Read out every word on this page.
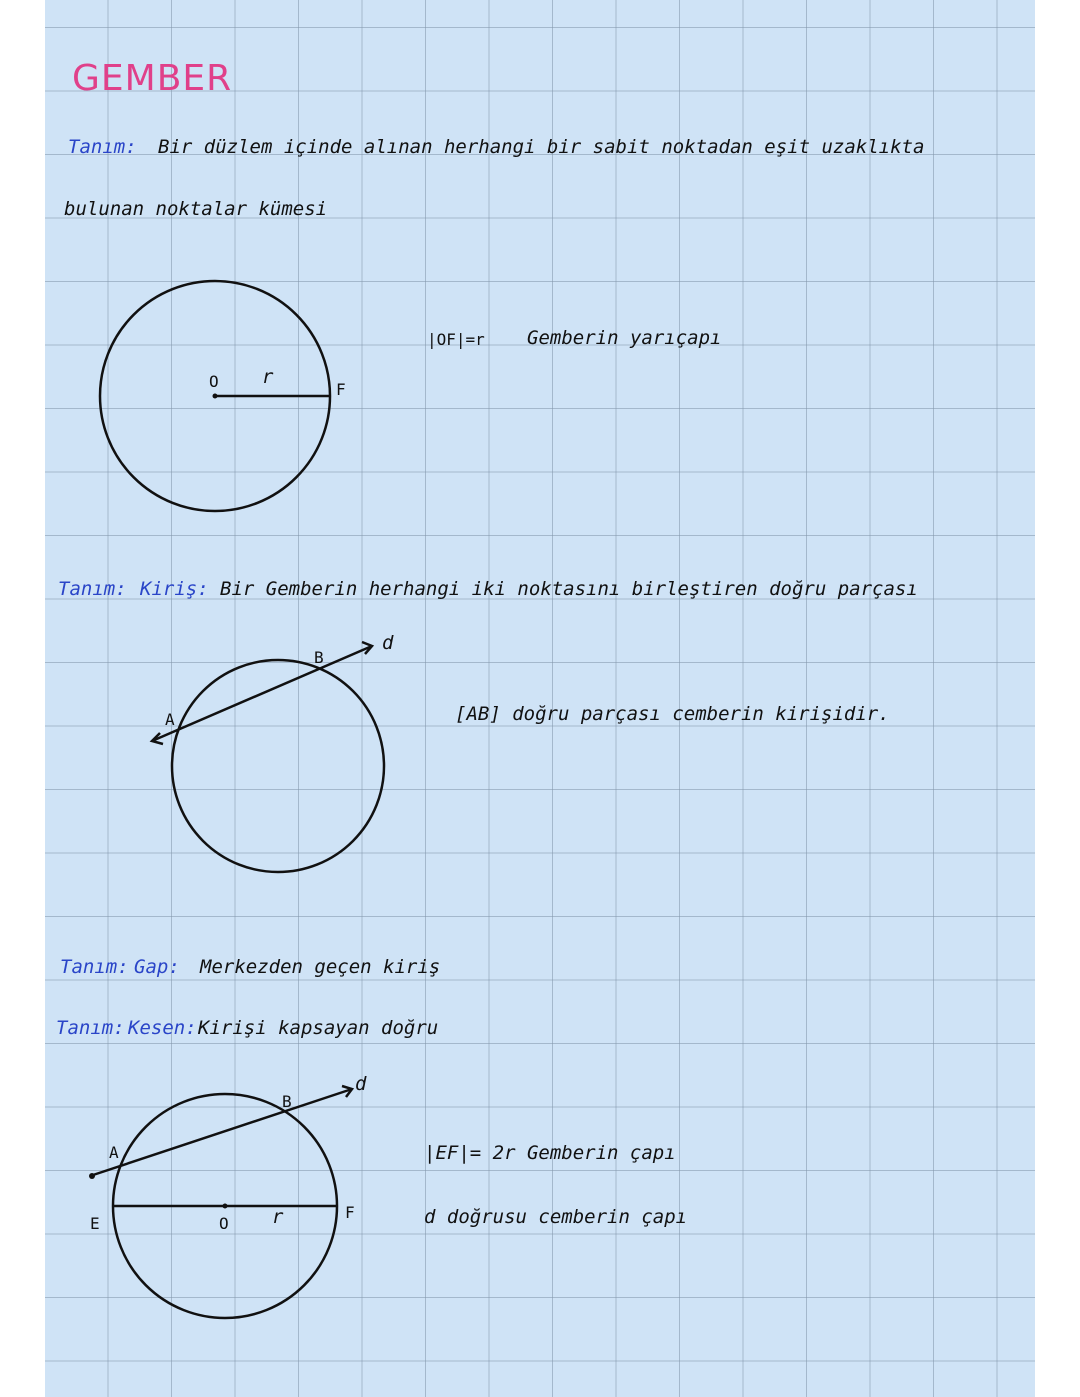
GEMBER
Tanım: Bir düzlem içinde alınan herhangi bir sabit noktadan eşit uzaklıkta
bulunan noktalar kümesi
O r
F
|OF|=r Gemberin yarıçapı
Tanım: Kiriş: Bir Gemberin herhangi iki noktasını birleştiren doğru parçası
A
B
d
[AB] doğru parçası cemberin kirişidir.
Tanım: Gap: Merkezden geçen kiriş
Tanım: Kesen: Kirişi kapsayan doğru
A
B
d
E	O r	F
|EF|= 2r Gemberin çapı
d doğrusu cemberin çapı
